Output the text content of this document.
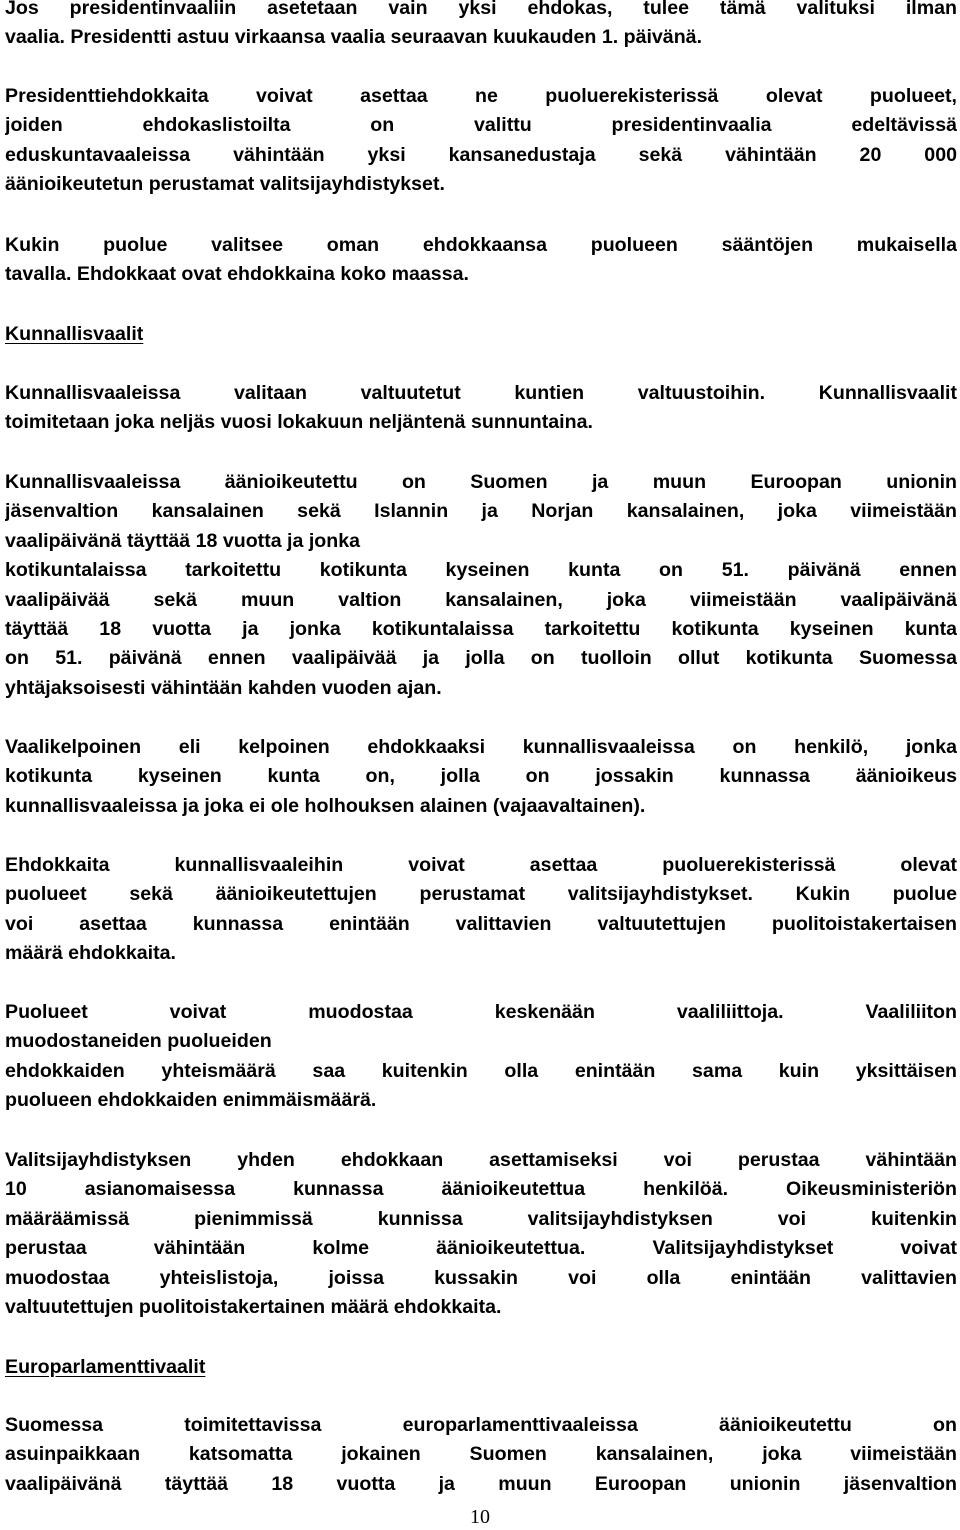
Jos presidentinvaaliin asetetaan vain yksi ehdokas, tulee tämä valituksi ilman
vaalia. Presidentti astuu virkaansa vaalia seuraavan kuukauden 1. päivänä.
Presidenttiehdokkaita voivat asettaa ne puoluerekisterissä olevat puolueet,
joiden ehdokaslistoilta on valittu presidentinvaalia edeltävissä
eduskuntavaaleissa vähintään yksi kansanedustaja sekä vähintään 20 000
äänioikeutetun perustamat valitsijayhdistykset.
Kukin puolue valitsee oman ehdokkaansa puolueen sääntöjen mukaisella
tavalla. Ehdokkaat ovat ehdokkaina koko maassa.
Kunnallisvaalit
Kunnallisvaaleissa valitaan valtuutetut kuntien valtuustoihin. Kunnallisvaalit
toimitetaan joka neljäs vuosi lokakuun neljäntenä sunnuntaina.
Kunnallisvaaleissa äänioikeutettu on Suomen ja muun Euroopan unionin
jäsenvaltion kansalainen sekä Islannin ja Norjan kansalainen, joka viimeistään
vaalipäivänä täyttää 18 vuotta ja jonka
kotikuntalaissa tarkoitettu kotikunta kyseinen kunta on 51. päivänä ennen
vaalipäivää sekä muun valtion kansalainen, joka viimeistään vaalipäivänä
täyttää 18 vuotta ja jonka kotikuntalaissa tarkoitettu kotikunta kyseinen kunta
on 51. päivänä ennen vaalipäivää ja jolla on tuolloin ollut kotikunta Suomessa
yhtäjaksoisesti vähintään kahden vuoden ajan.
Vaalikelpoinen eli kelpoinen ehdokkaaksi kunnallisvaaleissa on henkilö, jonka
kotikunta kyseinen kunta on, jolla on jossakin kunnassa äänioikeus
kunnallisvaaleissa ja joka ei ole holhouksen alainen (vajaavaltainen).
Ehdokkaita kunnallisvaaleihin voivat asettaa puoluerekisterissä olevat
puolueet sekä äänioikeutettujen perustamat valitsijayhdistykset. Kukin puolue
voi asettaa kunnassa enintään valittavien valtuutettujen puolitoistakertaisen
määrä ehdokkaita.
Puolueet voivat muodostaa keskenään vaaliliittoja. Vaaliliiton
muodostaneiden puolueiden
ehdokkaiden yhteismäärä saa kuitenkin olla enintään sama kuin yksittäisen
puolueen ehdokkaiden enimmäismäärä.
Valitsijayhdistyksen yhden ehdokkaan asettamiseksi voi perustaa vähintään
10 asianomaisessa kunnassa äänioikeutettua henkilöä. Oikeusministeriön
määräämissä pienimmissä kunnissa valitsijayhdistyksen voi kuitenkin
perustaa vähintään kolme äänioikeutettua. Valitsijayhdistykset voivat
muodostaa yhteislistoja, joissa kussakin voi olla enintään valittavien
valtuutettujen puolitoistakertainen määrä ehdokkaita.
Europarlamenttivaalit
Suomessa toimitettavissa europarlamenttivaaleissa äänioikeutettu on
asuinpaikkaan katsomatta jokainen Suomen kansalainen, joka viimeistään
vaalipäivänä täyttää 18 vuotta ja muun Euroopan unionin jäsenvaltion
10
